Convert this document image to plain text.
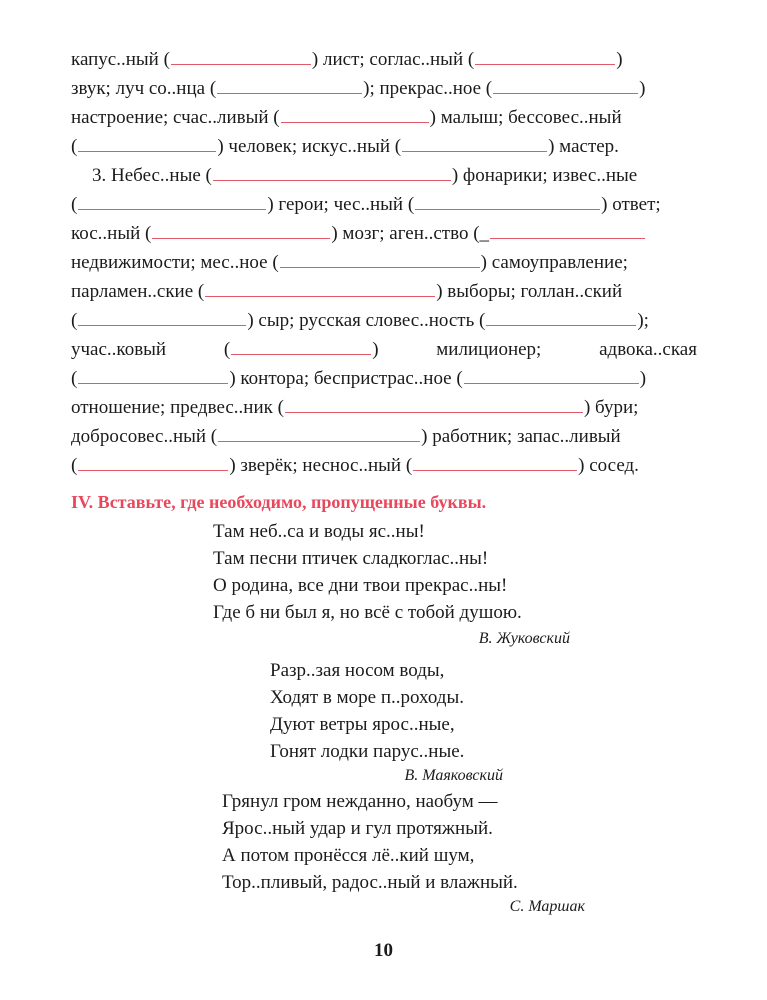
капус..ный (	) лист; соглас..ный (	)
звук; луч со..нца (	); прекрас..ное (	)
настроение; счас..ливый (	) малыш; бессовес..ный
(	) человек; искус..ный (	) мастер.
3. Небес..ные (	) фонарики; извес..ные
(	) герои; чес..ный (	) ответ;
кос..ный (	) мозг; аген..ство (_
недвижимости; мес..ное (	) самоуправление;
парламен..ские (	) выборы; голлан..ский
(	) сыр; русская словес..ность (	);
учас..ковый	(	)	милиционер;	адвока..ская
(	) контора; беспристрас..ное (	)
отношение; предвес..ник (	) бури;
добросовес..ный (	) работник; запас..ливый
(	) зверёк; неснос..ный (	) сосед.
IV. Вставьте, где необходимо, пропущенные буквы.
Там неб..са и воды яс..ны!
Там песни птичек сладкоглас..ны!
О родина, все дни твои прекрас..ны!
Где б ни был я, но всё с тобой душою.
В. Жуковский
Разр..зая носом воды,
Ходят в море п..роходы.
Дуют ветры ярос..ные,
Гонят лодки парус..ные.
В. Маяковский
Грянул гром нежданно, наобум —
Ярос..ный удар и гул протяжный.
А потом пронёсся лё..кий шум,
Тор..пливый, радос..ный и влажный.
С. Маршак
10
